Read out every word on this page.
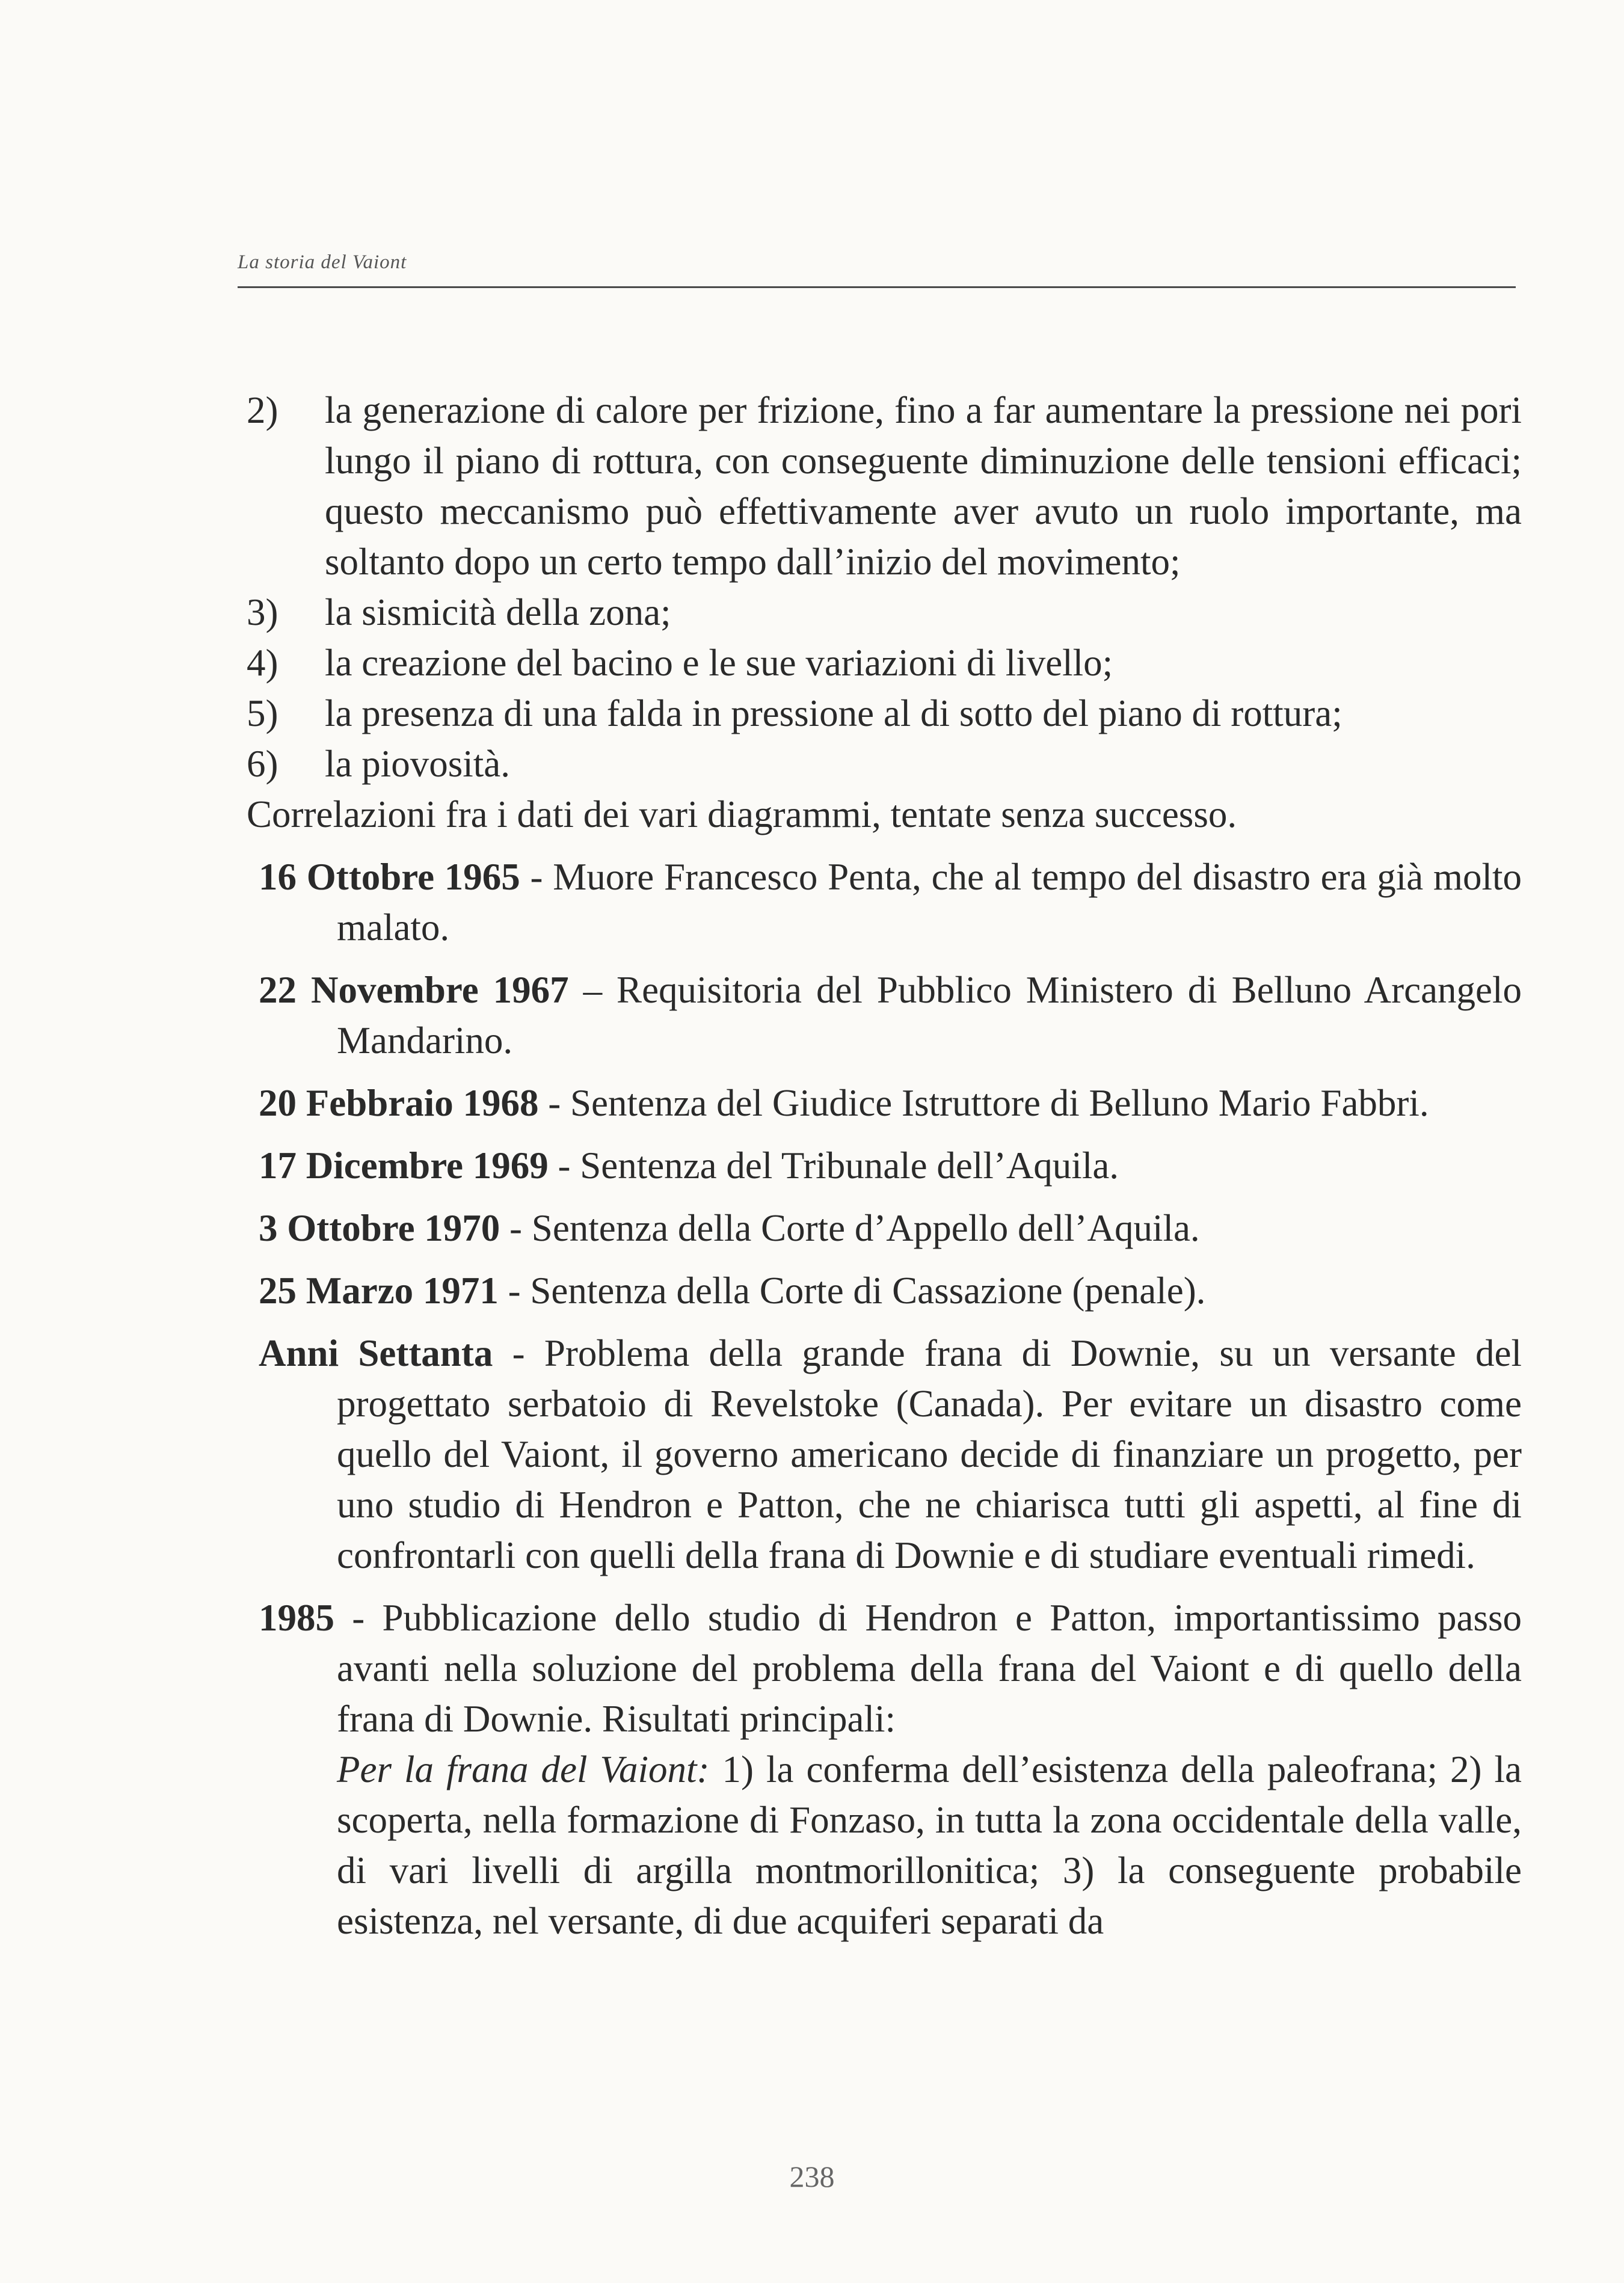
La storia del Vaiont
2)	la generazione di calore per frizione, fino a far aumentare la pressione nei pori lungo il piano di rottura, con conseguente diminuzione delle tensioni efficaci; questo meccanismo può effettivamente aver avuto un ruolo importante, ma soltanto dopo un certo tempo dall’inizio del movimento;
3)	la sismicità della zona;
4)	la creazione del bacino e le sue variazioni di livello;
5)	la presenza di una falda in pressione al di sotto del piano di rottura;
6)	la piovosità.
Correlazioni fra i dati dei vari diagrammi, tentate senza successo.
16 Ottobre 1965 - Muore Francesco Penta, che al tempo del disastro era già molto malato.
22 Novembre 1967 – Requisitoria del Pubblico Ministero di Belluno Arcangelo Mandarino.
20 Febbraio 1968 - Sentenza del Giudice Istruttore di Belluno Mario Fabbri.
17 Dicembre 1969 - Sentenza del Tribunale dell’Aquila.
3 Ottobre 1970 - Sentenza della Corte d’Appello dell’Aquila.
25 Marzo 1971 - Sentenza della Corte di Cassazione (penale).
Anni Settanta - Problema della grande frana di Downie, su un versante del progettato serbatoio di Revelstoke (Canada). Per evitare un disastro come quello del Vaiont, il governo americano decide di finanziare un progetto, per uno studio di Hendron e Patton, che ne chiarisca tutti gli aspetti, al fine di confrontarli con quelli della frana di Downie e di studiare eventuali rimedi.
1985 - Pubblicazione dello studio di Hendron e Patton, importantissimo passo avanti nella soluzione del problema della frana del Vaiont e di quello della frana di Downie. Risultati principali:
Per la frana del Vaiont: 1) la conferma dell’esistenza della paleofrana; 2) la scoperta, nella formazione di Fonzaso, in tutta la zona occidentale della valle, di vari livelli di argilla montmorillonitica; 3) la conseguente probabile esistenza, nel versante, di due acquiferi separati da
238
